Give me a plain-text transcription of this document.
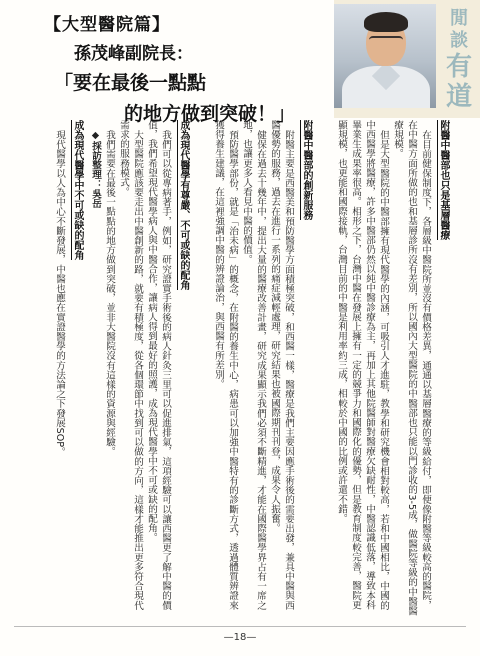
閒
談
有
道
【大型醫院篇】
孫茂峰副院長：
「要在最後一點點
的地方做到突破！」
附醫中醫部也只是基層醫療

在目前健保制度下，各層級中醫院所並沒有價格差異，通通以基層醫療的等級給付，即便像附醫等級較高的醫院，在中醫方面所做的也和基層診所沒有差別，所以國內大型醫院的中醫部也只能以門診收的3-5成，做醫院等級的中醫醫療規模。

但是大型醫院的中醫部擁有現代醫學的內涵，可吸引人才進駐，教學和研究機會相對較高，若和中國相比，中國的中西醫學將醫療，許多中醫部仍然以純中醫診療為主，再加上其他院醫師對醫療欠缺耐性，中醫認識低落，導致本科畢業生成果率很高。相形之下，台灣中醫在發展上擁有一定的競爭力和國際化的優勢，但是教育制度較完善，醫院更顯規模，也更能和國際接軌，台灣目前的中醫是利用率約三成，相較於中國的比例或許還不錯。

附醫中醫部的創新服務

附醫主要是西醫美和預防醫學方面積極突破，和西醫一樣，醫療是我們主要因應手術後的需要出發，兼具中醫與西醫優勢的服務，過去在進行一系列的痛症減輕處理，研究結果也被國際期刊刊登，成果令人振奮。

健保在過去十幾年中，提出大量的醫療改善計畫，研究成果顯示我們必須不斷精進，才能在國際醫學界占有一席之地，也讓更多人看見中醫的價值。

預防醫學部份，就是「治未病」的概念，在附醫的養生中心，病患可以加強中醫特有的診斷方式，透過體質辨證來獲得養生建議，在這裡強調中醫的辨證論治，與西醫有所差別。

成為現代醫學有尊嚴、不可或缺的配角

我們可以從專病著手，例如，研究證實手術後的病人針灸三里可以促進排氣，這項經驗可以讓西醫更了解中醫的價值，我們希望現代醫學病人與中醫合作，讓病人得到最好的照護，成為現代醫學中不可或缺的配角。

大型醫院應該要走出中醫創新的路，就要有積極度，從各個環節中找到可以做的方向，這樣才能推出更多符合現代需求的服務模式。

我們需要在最後一點點的地方做到突破，並非大醫院沒有這樣的資源與經驗。

◆採訪整理：吳岳

成為現代醫學中不可或缺的配角

現代醫學以人為中心不斷發展，中醫也應在實證醫學的方法論之下發展SOP。

—18—
